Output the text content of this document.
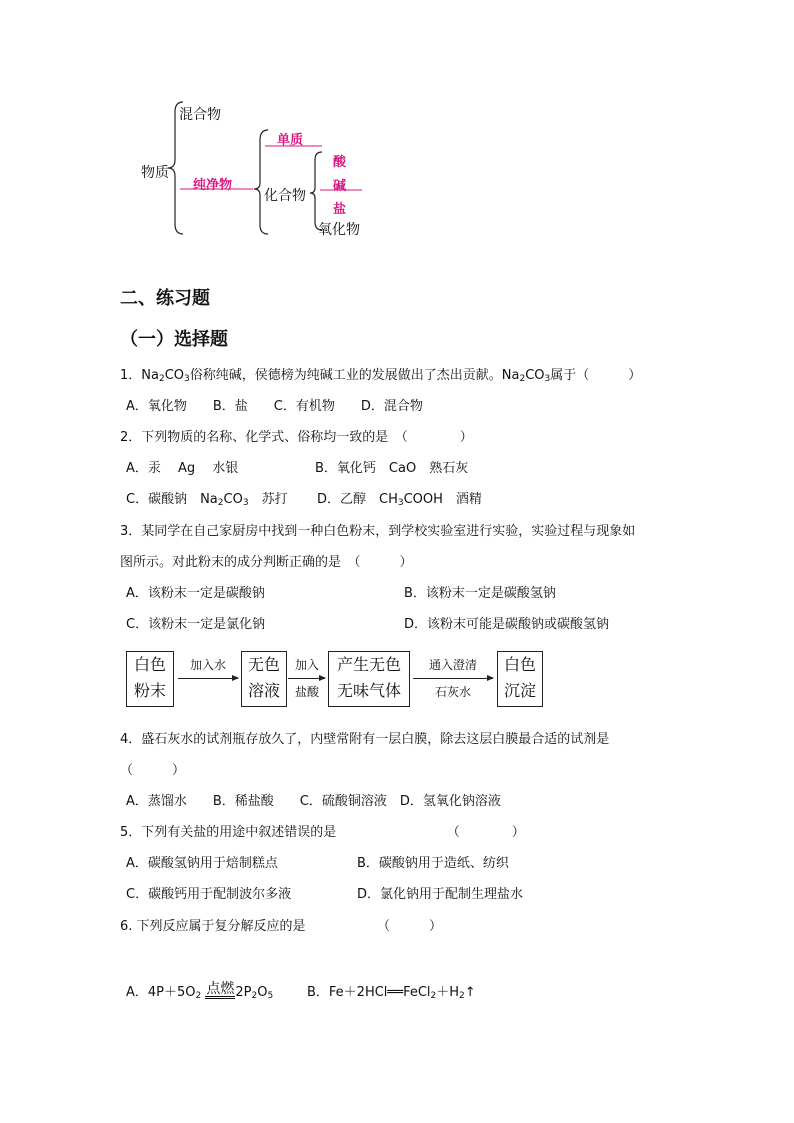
物质
混合物
纯净物
单质
化合物
酸
碱
盐
氧化物
二、练习题
（一）选择题
1．$Na_2CO_3$俗称纯碱，侯德榜为纯碱工业的发展做出了杰出贡献。$Na_2CO_3$属于（　　　）
A．氧化物　　B．盐　　C．有机物　　D．混合物
2．下列物质的名称、化学式、俗称均一致的是　（　　　　）
A．汞　 Ag　 水银	B．氧化钙　CaO　熟石灰
C．碳酸钠　$Na_2CO_3$　苏打 D．乙醇　$CH_3COOH$　酒精
3．某同学在自己家厨房中找到一种白色粉末，到学校实验室进行实验，实验过程与现象如
图所示。对此粉末的成分判断正确的是　（　　　）
A．该粉末一定是碳酸钠	B．该粉末一定是碳酸氢钠
C．该粉末一定是氯化钠	D．该粉末可能是碳酸钠或碳酸氢钠
白色
粉末
加入水	无色
溶液
加入
盐酸
产生无色
无味气体
通入澄清
石灰水
白色
沉淀
4．盛石灰水的试剂瓶存放久了，内壁常附有一层白膜，除去这层白膜最合适的试剂是
（　　　）
A．蒸馏水　　B．稀盐酸　　C．硫酸铜溶液　D．氢氧化钠溶液
5．下列有关盐的用途中叙述错误的是　　　　　　　　　（　　　　）
A．碳酸氢钠用于焙制糕点	B．碳酸钠用于造纸、纺织
C．碳酸钙用于配制波尔多液	D．氯化钠用于配制生理盐水
6. 下列反应属于复分解反应的是　　　　　　（　　　）
A．$4P+5O_2$ 点燃$2P_2O_5$	B．$Fe+2HCl══FeCl_2+H_2↑$
